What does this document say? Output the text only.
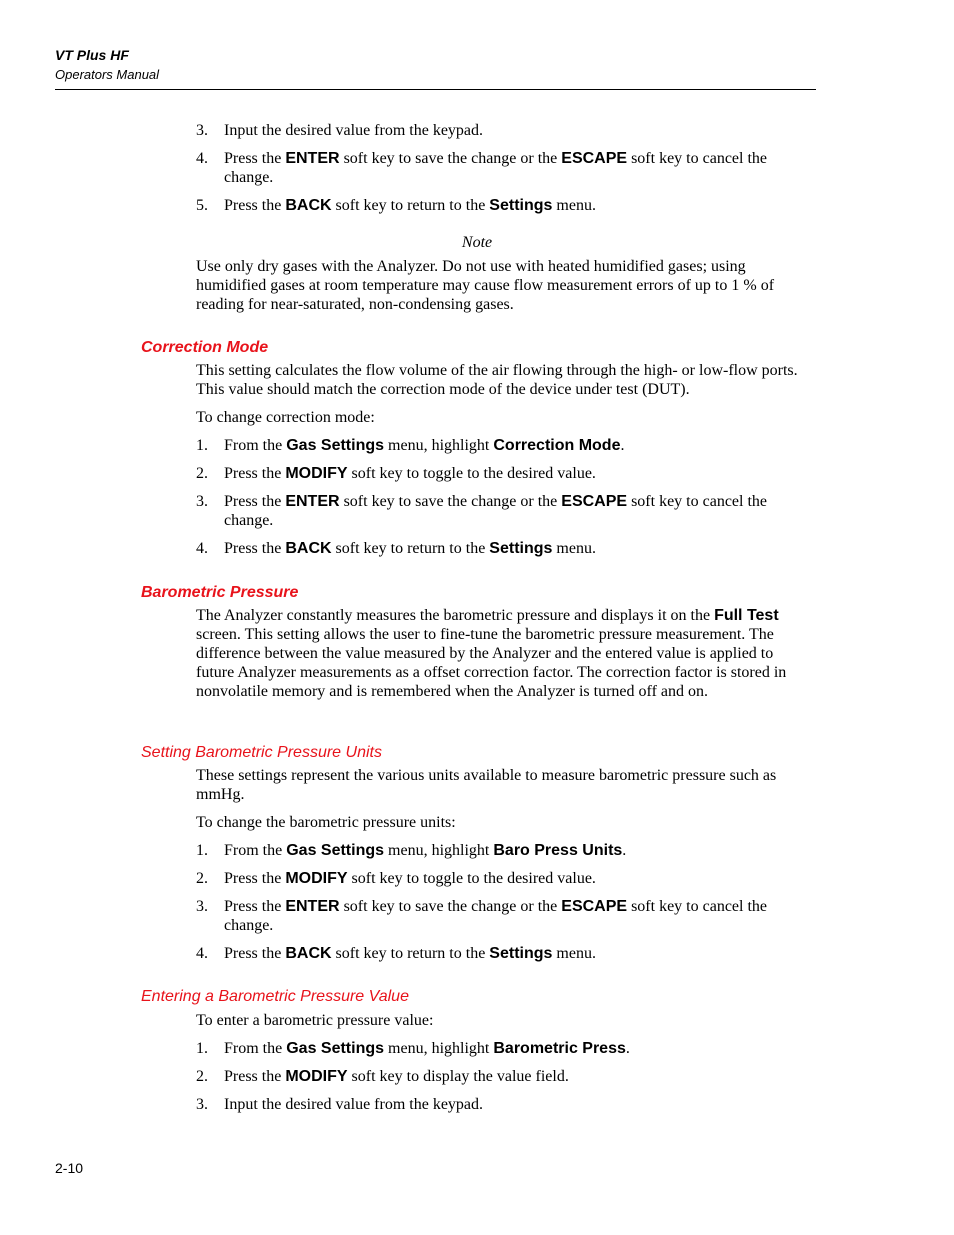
VT Plus HF
Operators Manual
3. Input the desired value from the keypad.
4. Press the ENTER soft key to save the change or the ESCAPE soft key to cancel the change.
5. Press the BACK soft key to return to the Settings menu.
Note
Use only dry gases with the Analyzer. Do not use with heated humidified gases; using humidified gases at room temperature may cause flow measurement errors of up to 1 % of reading for near-saturated, non-condensing gases.
Correction Mode
This setting calculates the flow volume of the air flowing through the high- or low-flow ports. This value should match the correction mode of the device under test (DUT).
To change correction mode:
1. From the Gas Settings menu, highlight Correction Mode.
2. Press the MODIFY soft key to toggle to the desired value.
3. Press the ENTER soft key to save the change or the ESCAPE soft key to cancel the change.
4. Press the BACK soft key to return to the Settings menu.
Barometric Pressure
The Analyzer constantly measures the barometric pressure and displays it on the Full Test screen. This setting allows the user to fine-tune the barometric pressure measurement. The difference between the value measured by the Analyzer and the entered value is applied to future Analyzer measurements as a offset correction factor. The correction factor is stored in nonvolatile memory and is remembered when the Analyzer is turned off and on.
Setting Barometric Pressure Units
These settings represent the various units available to measure barometric pressure such as mmHg.
To change the barometric pressure units:
1. From the Gas Settings menu, highlight Baro Press Units.
2. Press the MODIFY soft key to toggle to the desired value.
3. Press the ENTER soft key to save the change or the ESCAPE soft key to cancel the change.
4. Press the BACK soft key to return to the Settings menu.
Entering a Barometric Pressure Value
To enter a barometric pressure value:
1. From the Gas Settings menu, highlight Barometric Press.
2. Press the MODIFY soft key to display the value field.
3. Input the desired value from the keypad.
2-10
